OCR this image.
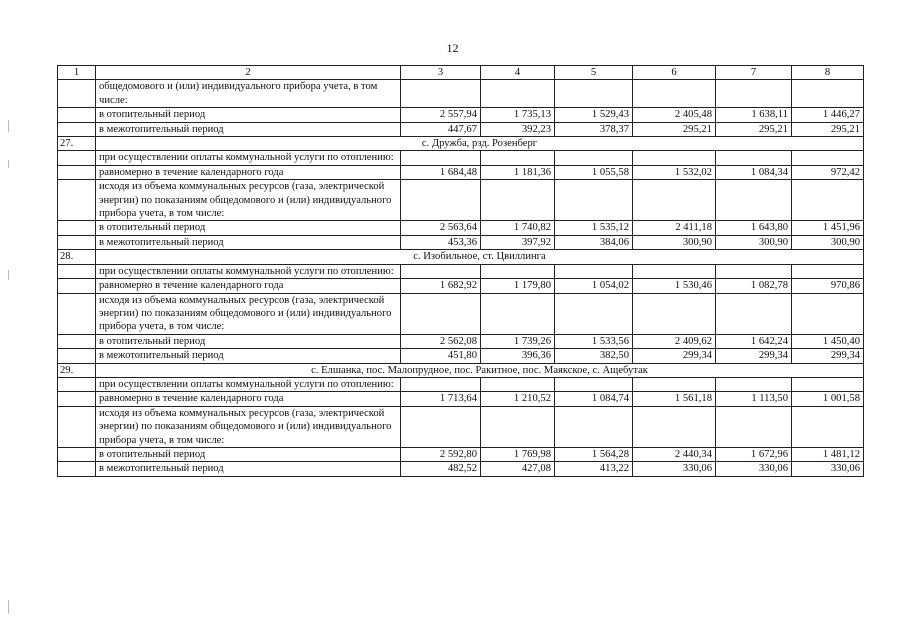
12
1	2	3	4	5	6	7	8
	общедомового и (или) индивидуального прибора учета, в том числе:						
	в отопительный период	2 557,94	1 735,13	1 529,43	2 405,48	1 638,11	1 446,27
	в межотопительный период	447,67	392,23	378,37	295,21	295,21	295,21
27.	с. Дружба, рзд. Розенберг						
	при осуществлении оплаты коммунальной услуги по отоплению:						
	равномерно в течение календарного года	1 684,48	1 181,36	1 055,58	1 532,02	1 084,34	972,42
	исходя из объема коммунальных ресурсов (газа, электрической энергии) по показаниям общедомового и (или) индивидуального прибора учета, в том числе:						
	в отопительный период	2 563,64	1 740,82	1 535,12	2 411,18	1 643,80	1 451,96
	в межотопительный период	453,36	397,92	384,06	300,90	300,90	300,90
28.	с. Изобильное, ст. Цвиллинга						
	при осуществлении оплаты коммунальной услуги по отоплению:						
	равномерно в течение календарного года	1 682,92	1 179,80	1 054,02	1 530,46	1 082,78	970,86
	исходя из объема коммунальных ресурсов (газа, электрической энергии) по показаниям общедомового и (или) индивидуального прибора учета, в том числе:						
	в отопительный период	2 562,08	1 739,26	1 533,56	2 409,62	1 642,24	1 450,40
	в межотопительный период	451,80	396,36	382,50	299,34	299,34	299,34
29.	с. Елшанка, пос. Малопрудное, пос. Ракитное, пос. Маякское, с. Ащебутак						
	при осуществлении оплаты коммунальной услуги по отоплению:						
	равномерно в течение календарного года	1 713,64	1 210,52	1 084,74	1 561,18	1 113,50	1 001,58
	исходя из объема коммунальных ресурсов (газа, электрической энергии) по показаниям общедомового и (или) индивидуального прибора учета, в том числе:						
	в отопительный период	2 592,80	1 769,98	1 564,28	2 440,34	1 672,96	1 481,12
	в межотопительный период	482,52	427,08	413,22	330,06	330,06	330,06
